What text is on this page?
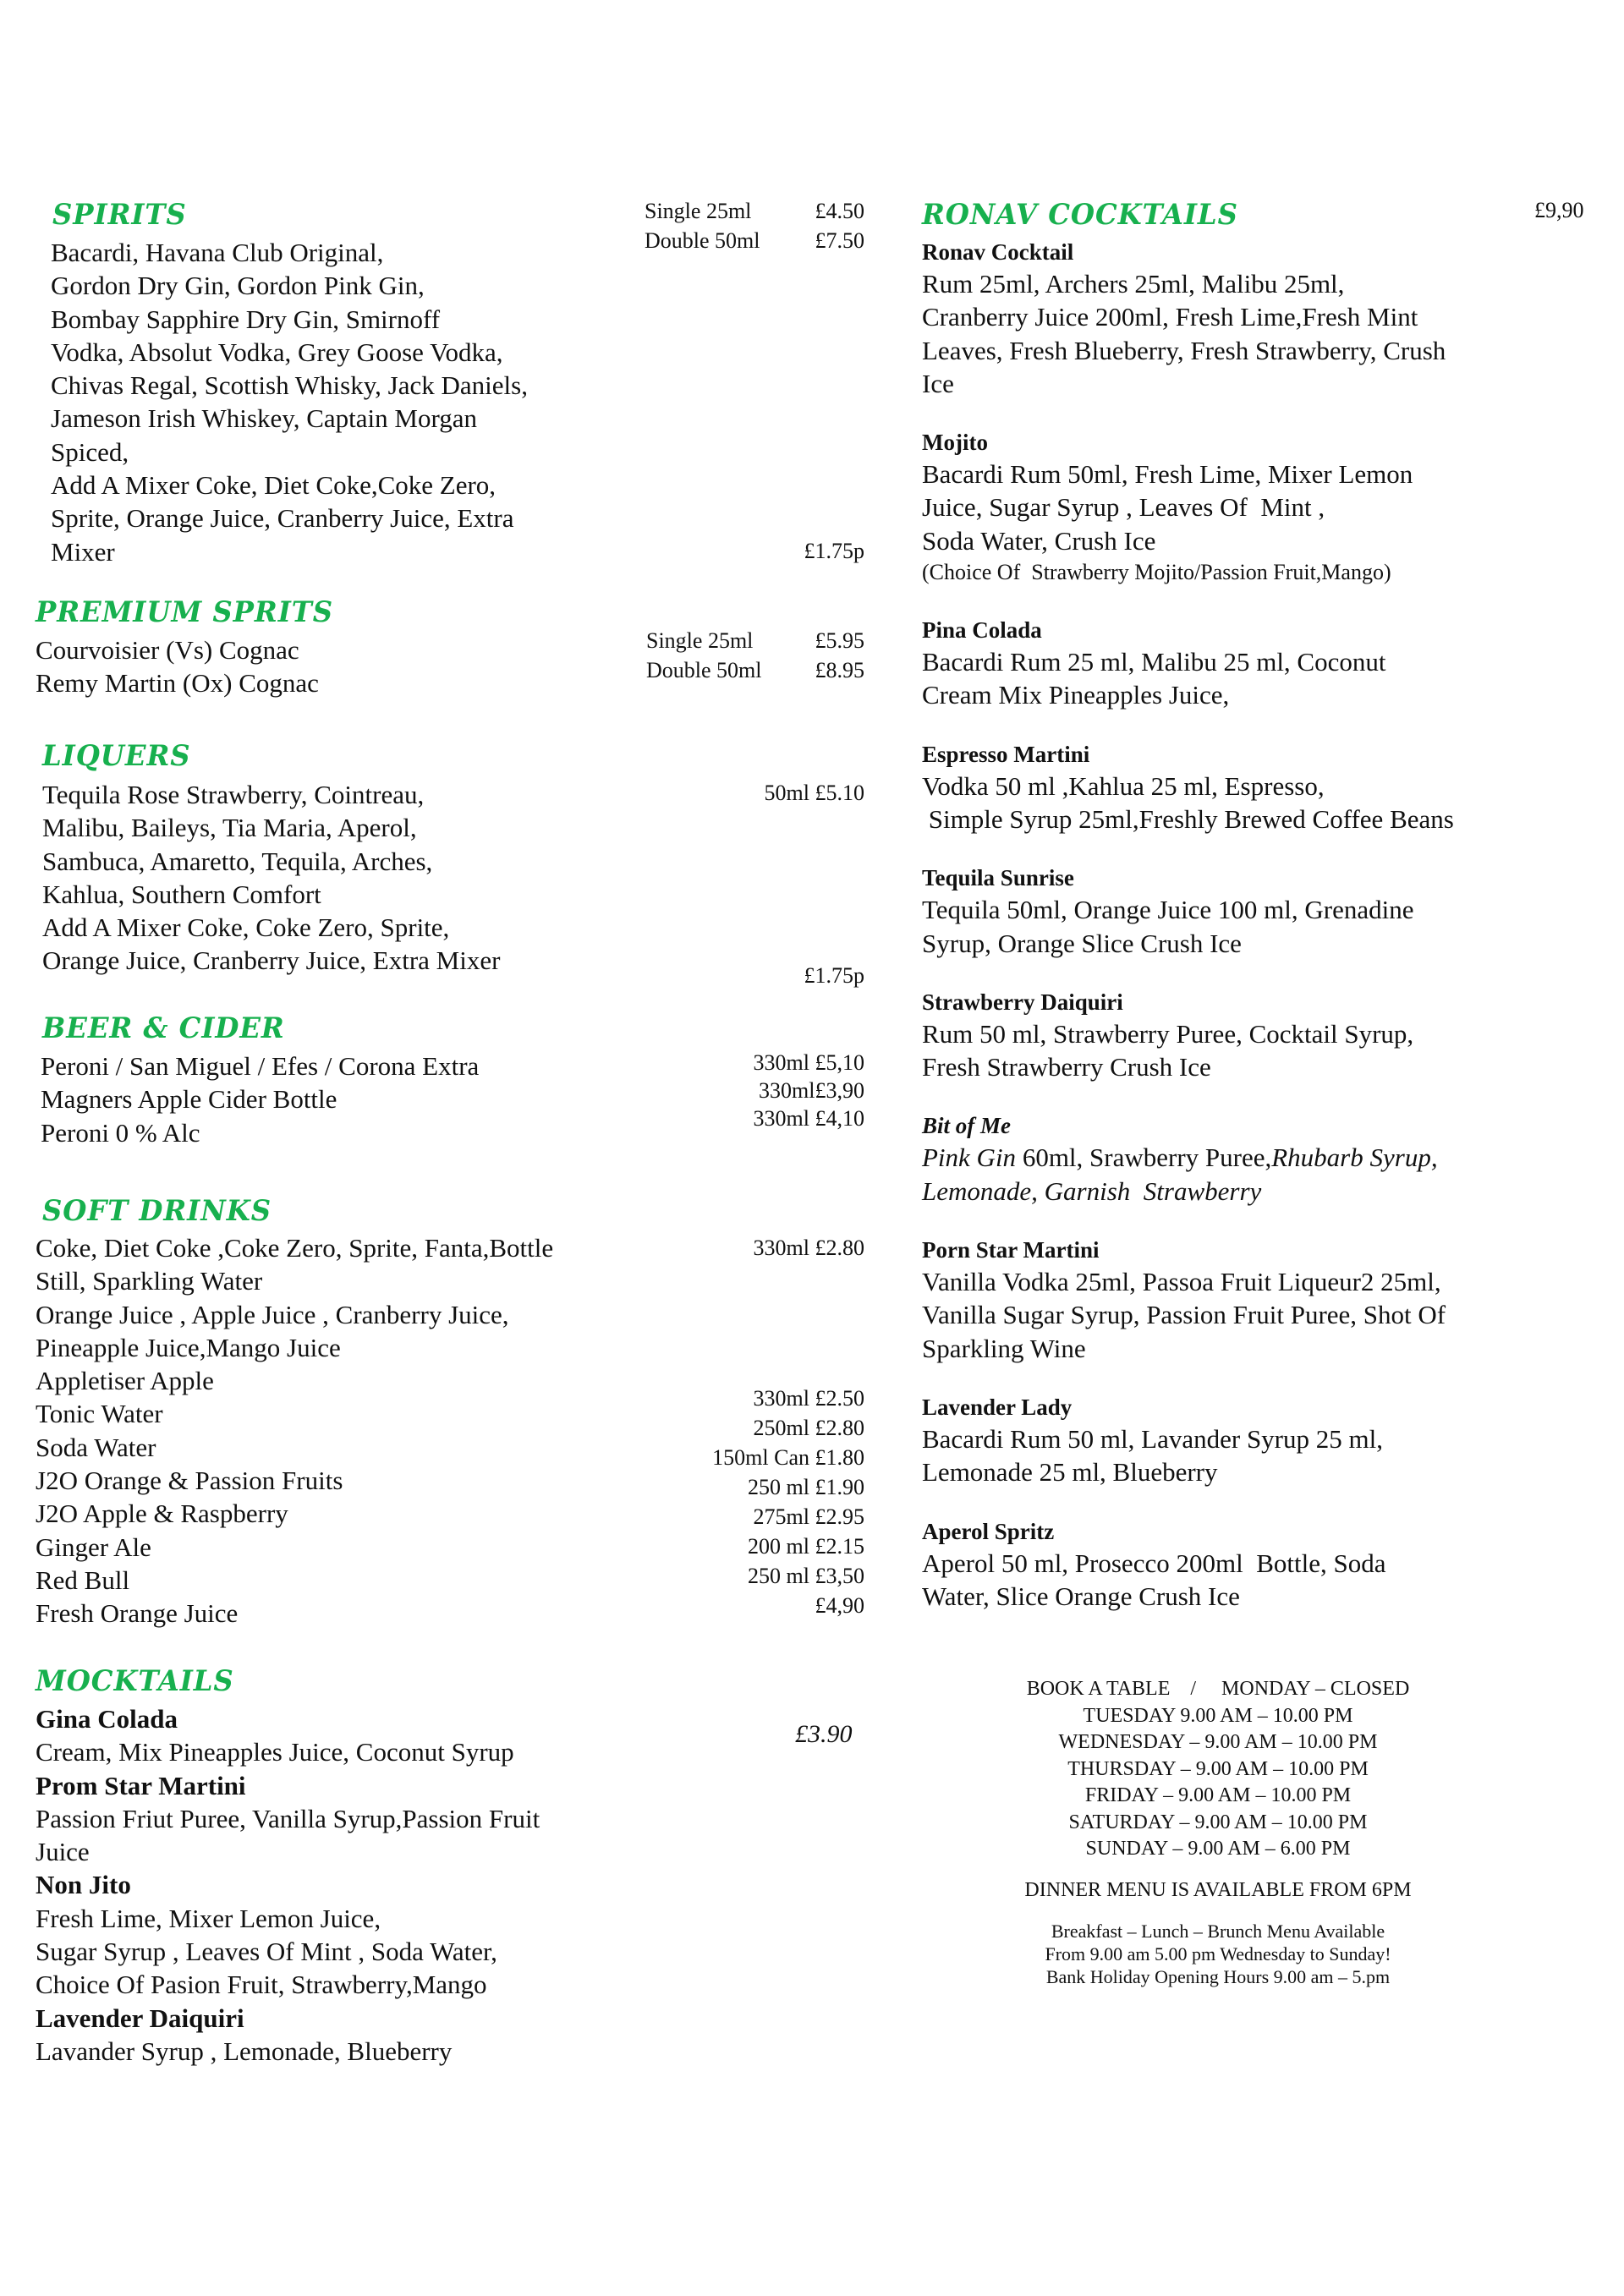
SPIRITS
Bacardi, Havana Club Original,
Gordon Dry Gin, Gordon Pink Gin,
Bombay Sapphire Dry Gin, Smirnoff
Vodka, Absolut Vodka, Grey Goose Vodka,
Chivas Regal, Scottish Whisky, Jack Daniels,
Jameson Irish Whiskey, Captain Morgan
Spiced,
Add A Mixer Coke, Diet Coke,Coke Zero,
Sprite, Orange Juice, Cranberry Juice, Extra
Mixer
Single 25ml
Double 50ml
£4.50
£7.50
£1.75p
PREMIUM SPRITS
Courvoisier (Vs) Cognac
Remy Martin (Ox) Cognac
Single 25ml
Double 50ml
£5.95
£8.95
LIQUERS
Tequila Rose Strawberry, Cointreau,
Malibu, Baileys, Tia Maria, Aperol,
Sambuca, Amaretto, Tequila, Arches,
Kahlua, Southern Comfort
Add A Mixer Coke, Coke Zero, Sprite,
Orange Juice, Cranberry Juice, Extra Mixer
50ml £5.10
£1.75p
BEER & CIDER
Peroni / San Miguel / Efes / Corona Extra
Magners Apple Cider Bottle
Peroni 0 % Alc
330ml £5,10
330ml£3,90
330ml £4,10
SOFT DRINKS
Coke, Diet Coke ,Coke Zero, Sprite, Fanta,Bottle
Still, Sparkling Water
Orange Juice , Apple Juice , Cranberry Juice,
Pineapple Juice,Mango Juice
Appletiser Apple
Tonic Water
Soda Water
J2O Orange & Passion Fruits
J2O Apple & Raspberry
Ginger Ale
Red Bull
Fresh Orange Juice
330ml £2.80
330ml £2.50
250ml £2.80
150ml Can £1.80
250 ml £1.90
275ml £2.95
200 ml £2.15
250 ml £3,50
£4,90
MOCKTAILS
Gina Colada
Cream, Mix Pineapples Juice, Coconut Syrup
Prom Star Martini
Passion Friut Puree, Vanilla Syrup,Passion Fruit
Juice
Non Jito
Fresh Lime, Mixer Lemon Juice,
Sugar Syrup , Leaves Of Mint , Soda Water,
Choice Of Pasion Fruit, Strawberry,Mango
Lavender Daiquiri
Lavander Syrup , Lemonade, Blueberry
£3.90
RONAV COCKTAILS	£9,90
Ronav Cocktail
Rum 25ml, Archers 25ml, Malibu 25ml,
Cranberry Juice 200ml, Fresh Lime,Fresh Mint
Leaves, Fresh Blueberry, Fresh Strawberry, Crush
Ice
Mojito
Bacardi Rum 50ml, Fresh Lime, Mixer Lemon
Juice, Sugar Syrup , Leaves Of  Mint ,
Soda Water, Crush Ice
(Choice Of  Strawberry Mojito/Passion Fruit,Mango)
Pina Colada
Bacardi Rum 25 ml, Malibu 25 ml, Coconut
Cream Mix Pineapples Juice,
Espresso Martini
Vodka 50 ml ,Kahlua 25 ml, Espresso,
Simple Syrup 25ml,Freshly Brewed Coffee Beans
Tequila Sunrise
Tequila 50ml, Orange Juice 100 ml, Grenadine
Syrup, Orange Slice Crush Ice
Strawberry Daiquiri
Rum 50 ml, Strawberry Puree, Cocktail Syrup,
Fresh Strawberry Crush Ice
Bit of Me
Pink Gin 60ml, Srawberry Puree,Rhubarb Syrup,
Lemonade, Garnish  Strawberry
Porn Star Martini
Vanilla Vodka 25ml, Passoa Fruit Liqueur2 25ml,
Vanilla Sugar Syrup, Passion Fruit Puree, Shot Of
Sparkling Wine
Lavender Lady
Bacardi Rum 50 ml, Lavander Syrup 25 ml,
Lemonade 25 ml, Blueberry
Aperol Spritz
Aperol 50 ml, Prosecco 200ml  Bottle, Soda
Water, Slice Orange Crush Ice
BOOK A TABLE    /     MONDAY – CLOSED
TUESDAY 9.00 AM – 10.00 PM
WEDNESDAY – 9.00 AM – 10.00 PM
THURSDAY – 9.00 AM – 10.00 PM
FRIDAY – 9.00 AM – 10.00 PM
SATURDAY – 9.00 AM – 10.00 PM
SUNDAY – 9.00 AM – 6.00 PM
DINNER MENU IS AVAILABLE FROM 6PM
Breakfast – Lunch – Brunch Menu Available
From 9.00 am 5.00 pm Wednesday to Sunday!
Bank Holiday Opening Hours 9.00 am – 5.pm
